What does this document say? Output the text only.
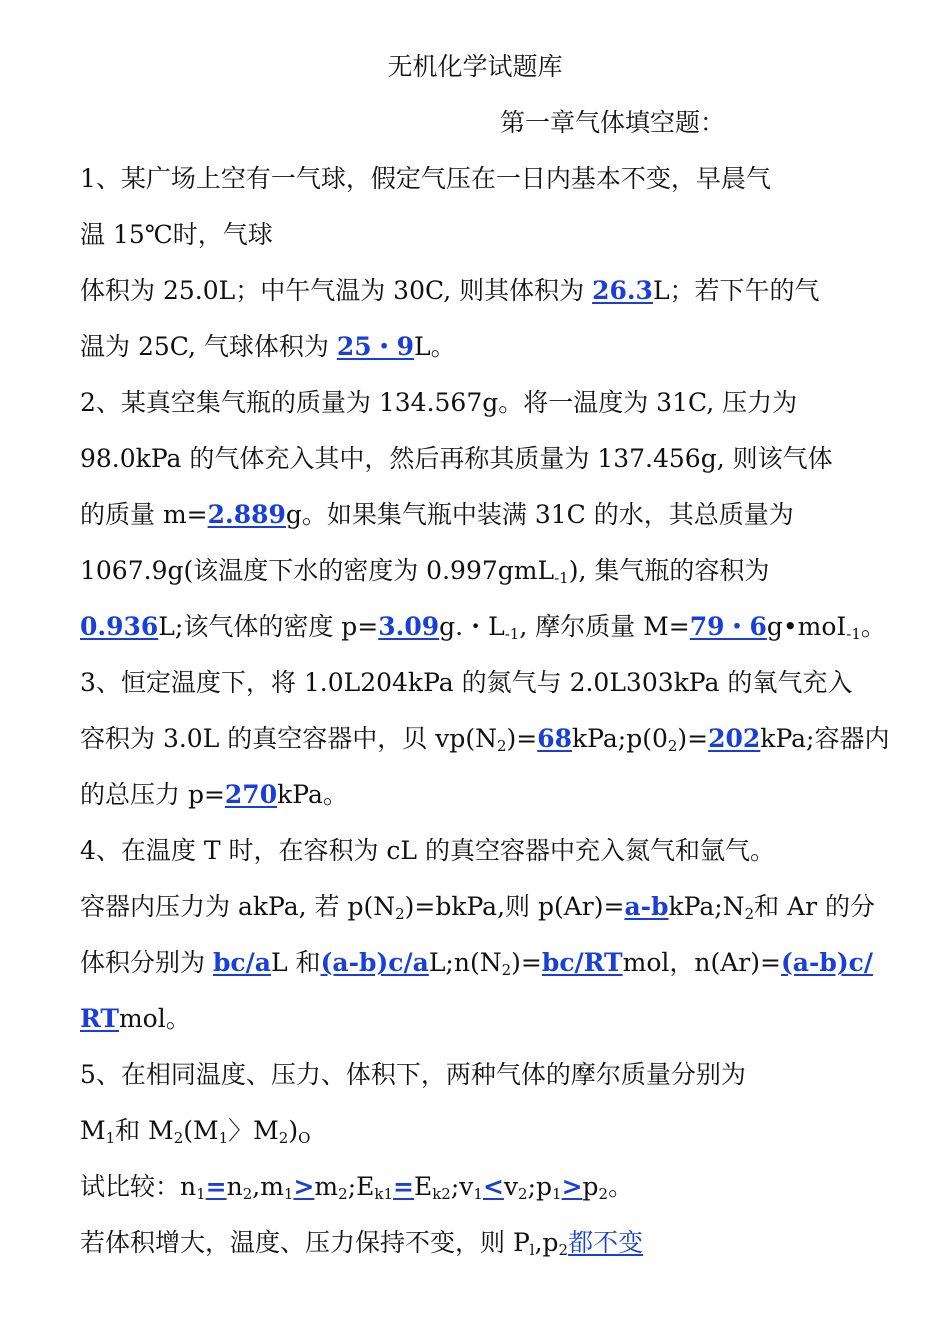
无机化学试题库
第一章气体填空题：
1、某广场上空有一气球，假定气压在一日内基本不变，早晨气
温 15℃时，气球
体积为 25.0L；中午气温为 30C, 则其体积为 26.3L；若下午的气
温为 25C, 气球体积为 25・9L。
2、某真空集气瓶的质量为 134.567g。将一温度为 31C, 压力为
98.0kPa 的气体充入其中，然后再称其质量为 137.456g, 则该气体
的质量 m=2.889g。如果集气瓶中装满 31C 的水，其总质量为
1067.9g(该温度下水的密度为 0.997gmL-1), 集气瓶的容积为
0.936L;该气体的密度 p=3.09g.・L-1, 摩尔质量 M=79・6g•moI-1。
3、恒定温度下，将 1.0L204kPa 的氮气与 2.0L303kPa 的氧气充入
容积为 3.0L 的真空容器中，贝 vp(N2)=68kPa;p(02)=202kPa;容器内
的总压力 p=270kPa。
4、在温度 T 时，在容积为 cL 的真空容器中充入氮气和氩气。
容器内压力为 akPa, 若 p(N2)=bkPa,则 p(Ar)=a-bkPa;N2和 Ar 的分
体积分别为 bc/aL 和(a-b)c/aL;n(N2)=bc/RTmol，n(Ar)=(a-b)c/
RTmol。
5、在相同温度、压力、体积下，两种气体的摩尔质量分别为
M1和 M2(M1〉M2)O
试比较：n1=n2,m1>m2;Ek1=Ek2;v1<v2;p1>p2。
若体积增大，温度、压力保持不变，则 Pl,p2都不变
